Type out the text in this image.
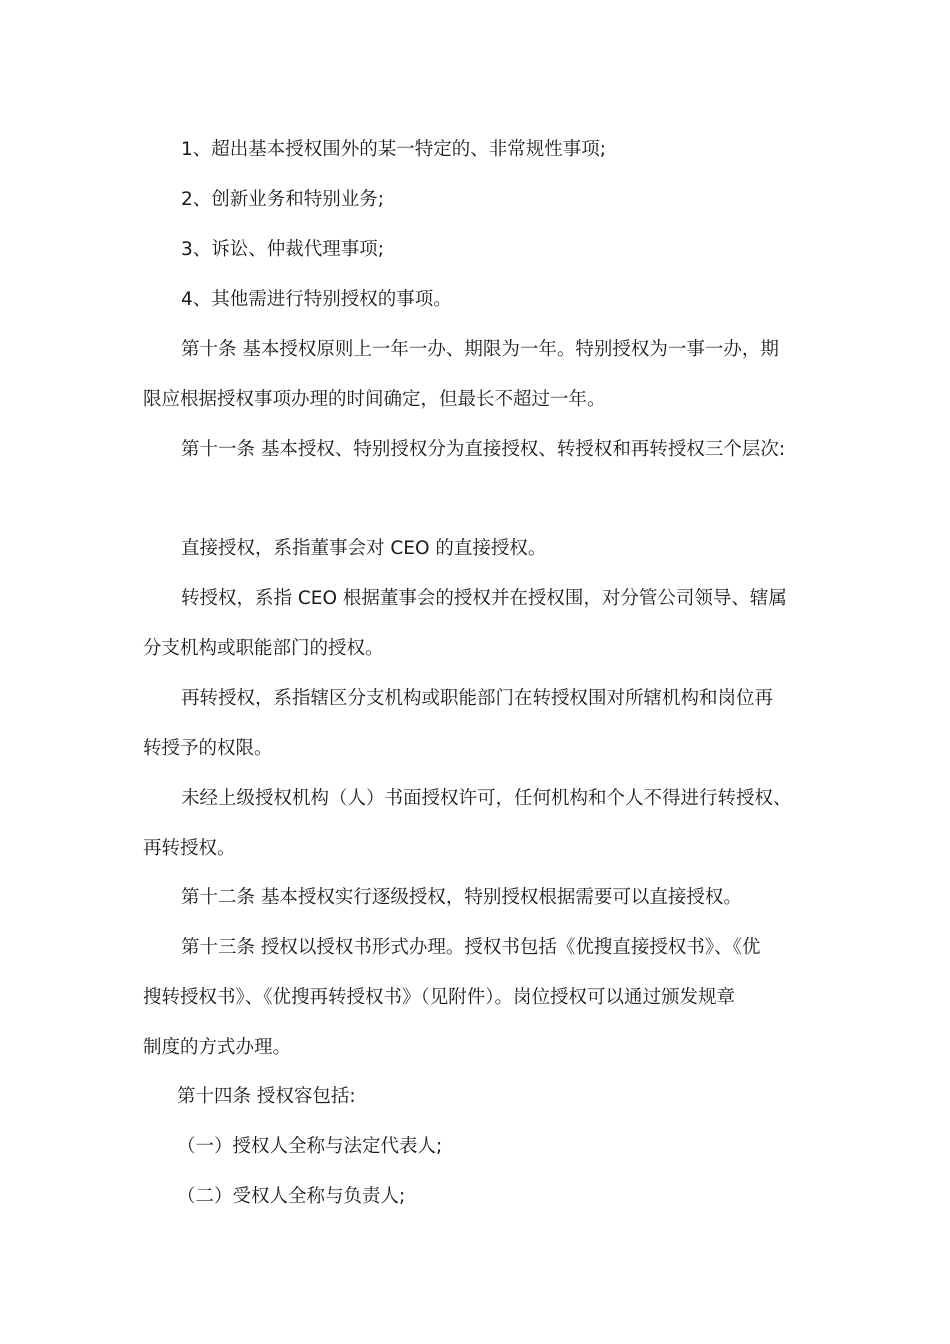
1、超出基本授权围外的某一特定的、非常规性事项;
2、创新业务和特别业务;
3、诉讼、仲裁代理事项;
4、其他需进行特别授权的事项。
第十条 基本授权原则上一年一办、期限为一年。特别授权为一事一办，期
限应根据授权事项办理的时间确定，但最长不超过一年。
第十一条 基本授权、特别授权分为直接授权、转授权和再转授权三个层次:
直接授权，系指董事会对 CEO 的直接授权。
转授权，系指 CEO 根据董事会的授权并在授权围，对分管公司领导、辖属
分支机构或职能部门的授权。
再转授权，系指辖区分支机构或职能部门在转授权围对所辖机构和岗位再
转授予的权限。
未经上级授权机构（人）书面授权许可，任何机构和个人不得进行转授权、
再转授权。
第十二条 基本授权实行逐级授权，特别授权根据需要可以直接授权。
第十三条 授权以授权书形式办理。授权书包括《优搜直接授权书》、《优
搜转授权书》、《优搜再转授权书》（见附件）。岗位授权可以通过颁发规章
制度的方式办理。
第十四条 授权容包括:
（一）授权人全称与法定代表人;
（二）受权人全称与负责人;
